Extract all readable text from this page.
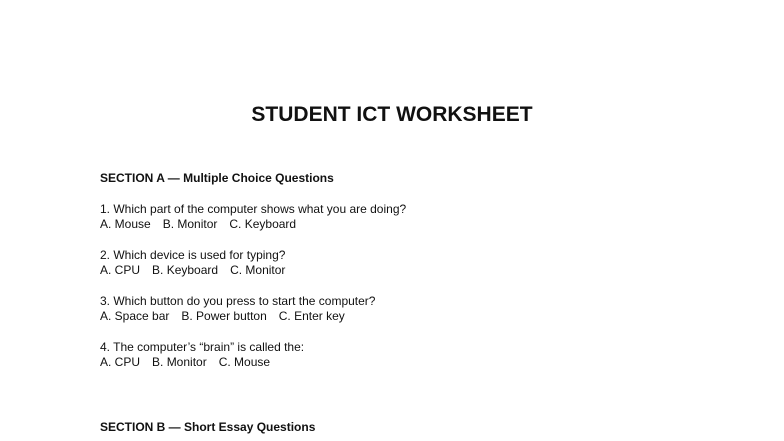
STUDENT ICT WORKSHEET
SECTION A — Multiple Choice Questions
1. Which part of the computer shows what you are doing?
A. Mouse B. Monitor C. Keyboard
2. Which device is used for typing?
A. CPU B. Keyboard C. Monitor
3. Which button do you press to start the computer?
A. Space bar B. Power button C. Enter key
4. The computer’s “brain” is called the:
A. CPU B. Monitor C. Mouse
SECTION B — Short Essay Questions
